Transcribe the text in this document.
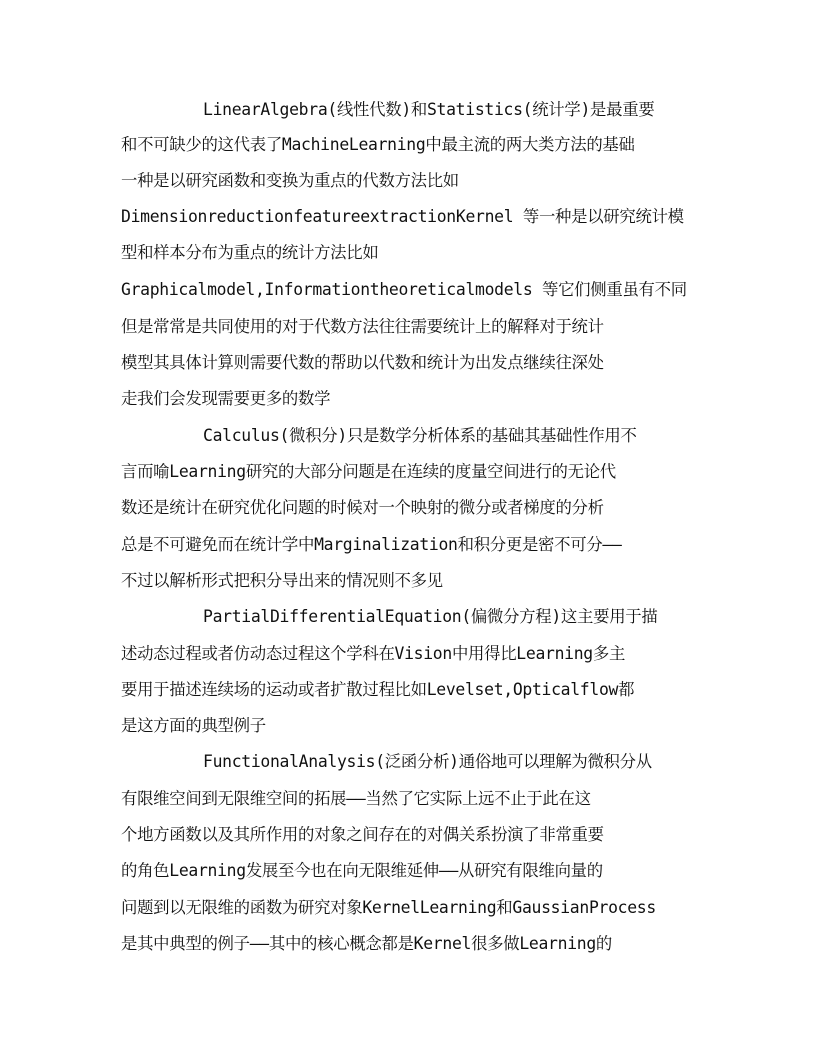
LinearAlgebra(线性代数)和Statistics(统计学)是最重要
和不可缺少的这代表了MachineLearning中最主流的两大类方法的基础
一种是以研究函数和变换为重点的代数方法比如
DimensionreductionfeatureextractionKernel 等一种是以研究统计模
型和样本分布为重点的统计方法比如
Graphicalmodel,Informationtheoreticalmodels 等它们侧重虽有不同
但是常常是共同使用的对于代数方法往往需要统计上的解释对于统计
模型其具体计算则需要代数的帮助以代数和统计为出发点继续往深处
走我们会发现需要更多的数学
Calculus(微积分)只是数学分析体系的基础其基础性作用不
言而喻Learning研究的大部分问题是在连续的度量空间进行的无论代
数还是统计在研究优化问题的时候对一个映射的微分或者梯度的分析
总是不可避免而在统计学中Marginalization和积分更是密不可分——
不过以解析形式把积分导出来的情况则不多见
PartialDifferentialEquation(偏微分方程)这主要用于描
述动态过程或者仿动态过程这个学科在Vision中用得比Learning多主
要用于描述连续场的运动或者扩散过程比如Levelset,Opticalflow都
是这方面的典型例子
FunctionalAnalysis(泛函分析)通俗地可以理解为微积分从
有限维空间到无限维空间的拓展——当然了它实际上远不止于此在这
个地方函数以及其所作用的对象之间存在的对偶关系扮演了非常重要
的角色Learning发展至今也在向无限维延伸——从研究有限维向量的
问题到以无限维的函数为研究对象KernelLearning和GaussianProcess
是其中典型的例子——其中的核心概念都是Kernel很多做Learning的
